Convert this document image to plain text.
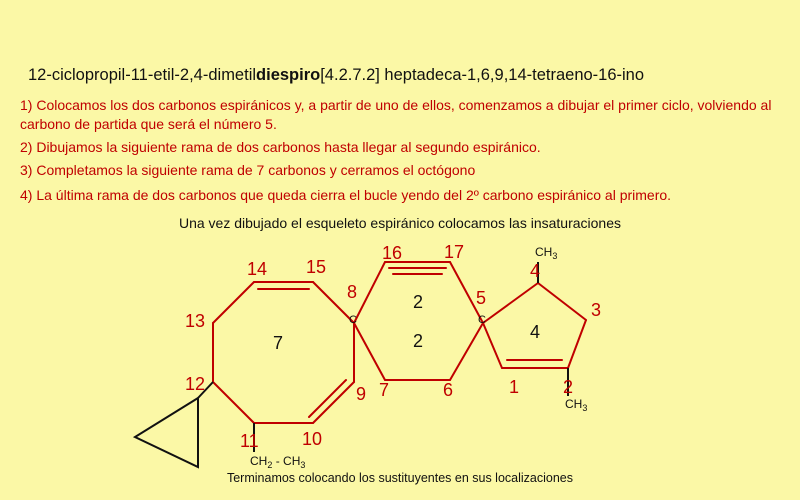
12-ciclopropil-11-etil-2,4-dimetildiespiro[4.2.7.2] heptadeca-1,6,9,14-tetraeno-16-ino
1) Colocamos los dos carbonos espiránicos y, a partir de uno de ellos, comenzamos a dibujar el primer ciclo, volviendo al carbono de partida que será el número 5.
2) Dibujamos la siguiente rama de dos carbonos hasta llegar al segundo espiránico.
3) Completamos la siguiente rama de 7 carbonos y cerramos el octógono
4) La última rama de dos carbonos que queda cierra el bucle yendo del 2º carbono espiránico al primero.
Una vez dibujado el esqueleto espiránico colocamos las insaturaciones
Terminamos colocando los sustituyentes en sus localizaciones
C	C
1 2
3
4
5
6
7
8
9
10
11
12
13
14 15
16 17
7
2
2	4
$CH_3$
$CH_3$
$CH_2 - CH_3$
